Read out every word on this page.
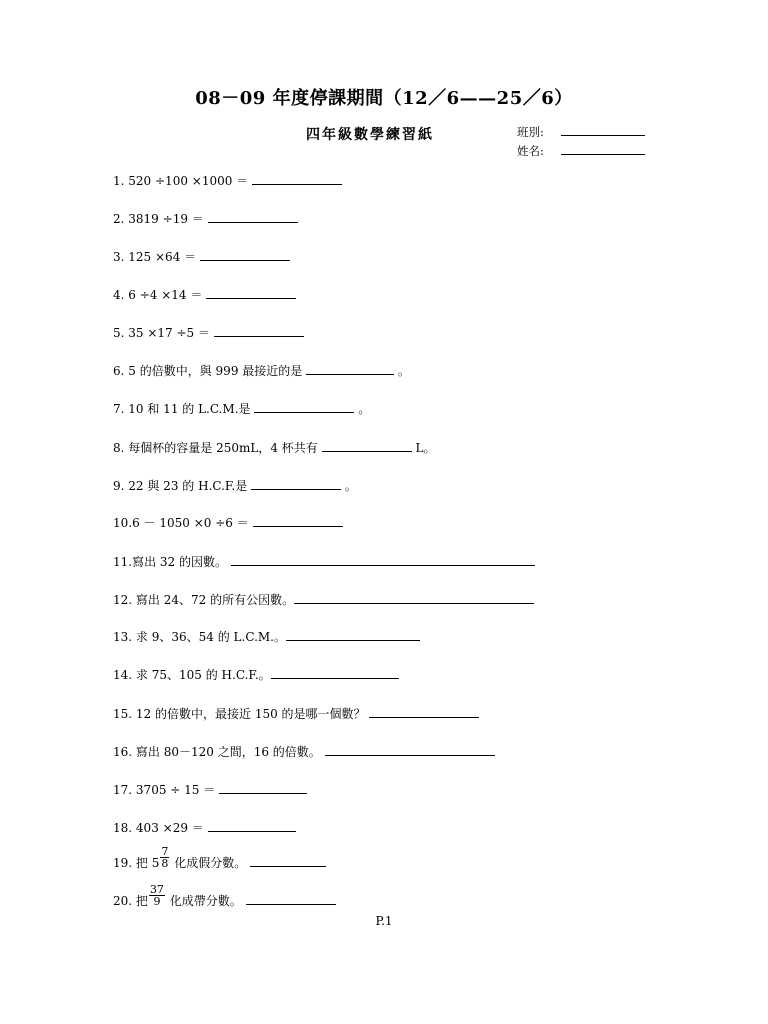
08－09 年度停課期間（12／6——25／6）
四年級數學練習紙	班別:
姓名:
1. 520 ÷100 ×1000 ＝
2. 3819 ÷19 ＝
3. 125 ×64 ＝
4. 6 ÷4 ×14 ＝
5. 35 ×17 ÷5 ＝
6. 5 的倍數中，與 999 最接近的是	。
7. 10 和 11 的 L.C.M.是	。
8. 每個杯的容量是 250mL，4 杯共有	L。
9. 22 與 23 的 H.C.F.是	。
10.6 － 1050 ×0 ÷6 ＝
11.寫出 32 的因數。
12. 寫出 24、72 的所有公因數。
13. 求 9、36、54 的 L.C.M.。
14. 求 75、105 的 H.C.F.。
15. 12 的倍數中，最接近 150 的是哪一個數？
16. 寫出 80－120 之間，16 的倍數。
17. 3705 ÷ 15 ＝
18. 403 ×29 ＝
19. 把 $5 \frac{7}{8}$ 化成假分數。
20. 把 $\frac{37}{9}$ 化成帶分數。
P.1
